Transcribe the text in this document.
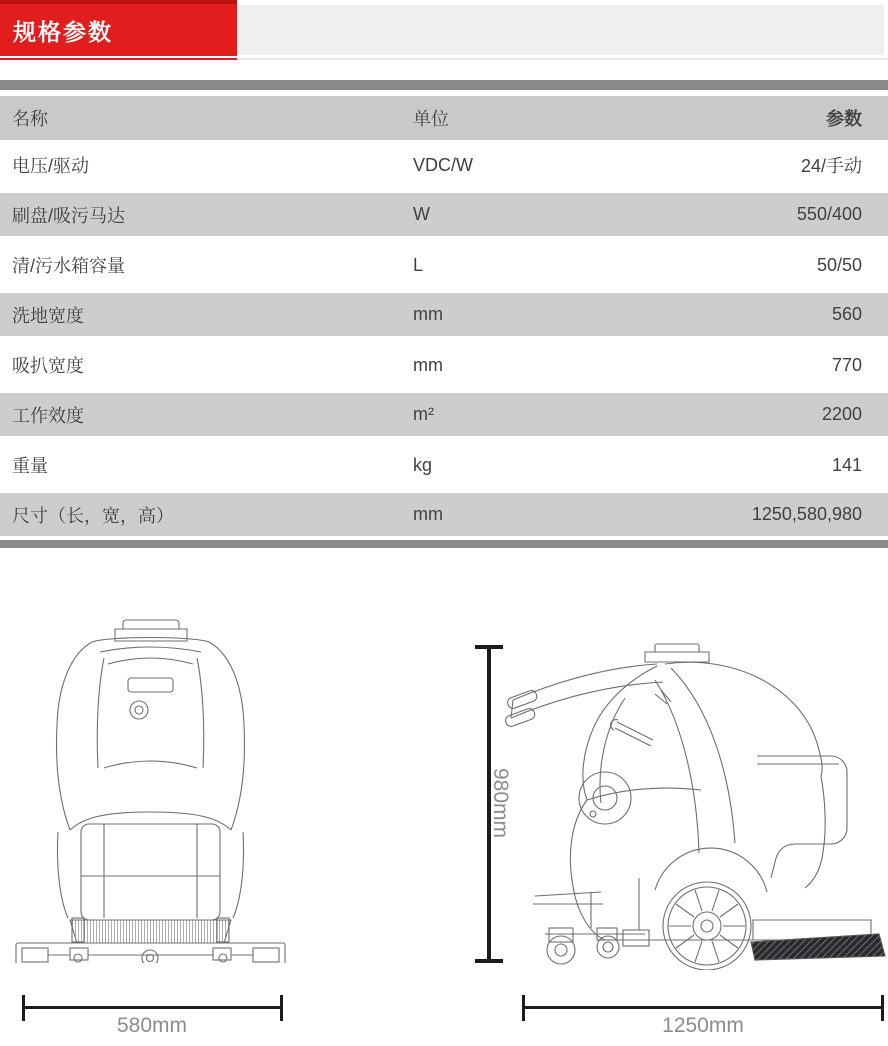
规格参数
名称	单位	参数
电压/驱动	VDC/W	24/手动
刷盘/吸污马达	W	550/400
清/污水箱容量	L	50/50
洗地宽度	mm	560
吸扒宽度	mm	770
工作效度	m²	2200
重量	kg	141
尺寸（长，宽，高）	mm	1250,580,980
580mm
980mm
1250mm
